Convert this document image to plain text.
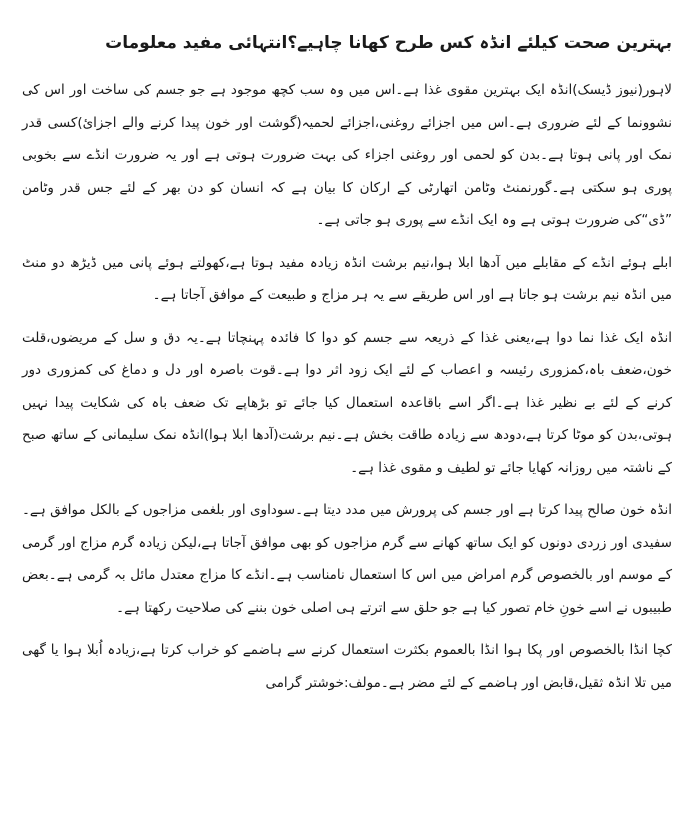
بہترین صحت کیلئے انڈہ کس طرح کھانا چاہیے؟انتہائی مفید معلومات

لاہور(نیوز ڈیسک)انڈہ ایک بہترین مقوی غذا ہے۔اس میں وہ سب کچھ موجود ہے جو جسم کی ساخت اور اس کی نشوونما کے لئے ضروری ہے۔اس میں اجزائے روغنی،اجزائے لحمیہ(گوشت اور خون پیدا کرنے والے اجزائ)کسی قدر نمک اور پانی ہوتا ہے۔بدن کو لحمی اور روغنی اجزاء کی بہت ضرورت ہوتی ہے اور یہ ضرورت انڈے سے بخوبی پوری ہو سکتی ہے۔گورنمنٹ وٹامن اتھارٹی کے ارکان کا بیان ہے کہ انسان کو دن بھر کے لئے جس قدر وٹامن ”ڈی“کی ضرورت ہوتی ہے وہ ایک انڈے سے پوری ہو جاتی ہے۔

ابلے ہوئے انڈے کے مقابلے میں آدھا ابلا ہوا،نیم برشت انڈہ زیادہ مفید ہوتا ہے،کھولتے ہوئے پانی میں ڈیڑھ دو منٹ میں انڈہ نیم برشت ہو جاتا ہے اور اس طریقے سے یہ ہر مزاج و طبیعت کے موافق آجاتا ہے۔

انڈہ ایک غذا نما دوا ہے،یعنی غذا کے ذریعہ سے جسم کو دوا کا فائدہ پہنچاتا ہے۔یہ دق و سل کے مریضوں،قلت خون،ضعف باہ،کمزوری رئیسہ و اعصاب کے لئے ایک زود اثر دوا ہے۔قوت باصرہ اور دل و دماغ کی کمزوری دور کرنے کے لئے بے نظیر غذا ہے۔اگر اسے باقاعدہ استعمال کیا جائے تو بڑھاپے تک ضعف باہ کی شکایت پیدا نہیں ہوتی،بدن کو موٹا کرتا ہے،دودھ سے زیادہ طاقت بخش ہے۔نیم برشت(آدھا ابلا ہوا)انڈہ نمک سلیمانی کے ساتھ صبح کے ناشتہ میں روزانہ کھایا جائے تو لطیف و مقوی غذا ہے۔

انڈہ خون صالح پیدا کرتا ہے اور جسم کی پرورش میں مدد دیتا ہے۔سوداوی اور بلغمی مزاجوں کے بالکل موافق ہے۔سفیدی اور زردی دونوں کو ایک ساتھ کھانے سے گرم مزاجوں کو بھی موافق آجاتا ہے،لیکن زیادہ گرم مزاج اور گرمی کے موسم اور بالخصوص گرم امراض میں اس کا استعمال نامناسب ہے۔انڈے کا مزاج معتدل مائل بہ گرمی ہے۔بعض طبیبوں نے اسے خونِ خام تصور کیا ہے جو حلق سے اترتے ہی اصلی خون بننے کی صلاحیت رکھتا ہے۔

کچا انڈا بالخصوص اور پکا ہوا انڈا بالعموم بکثرت استعمال کرنے سے ہاضمے کو خراب کرتا ہے،زیادہ اُبلا ہوا یا گھی میں تلا انڈہ ثقیل،قابض اور ہاضمے کے لئے مضر ہے۔مولف:خوشتر گرامی
